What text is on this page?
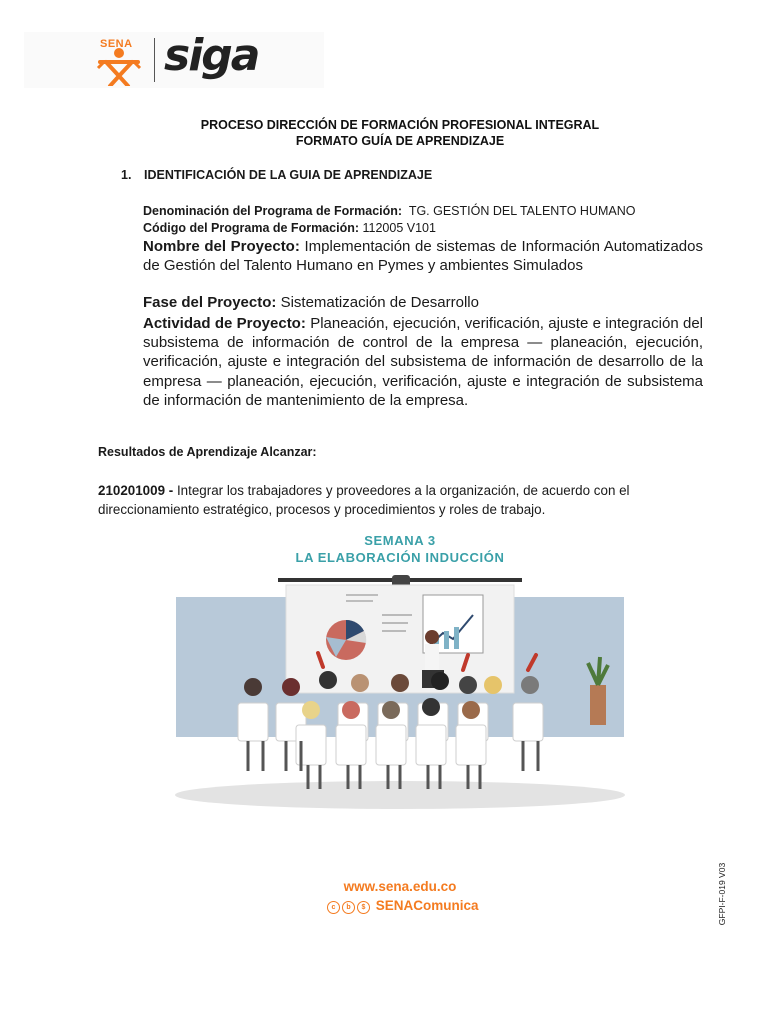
SENA siga
PROCESO DIRECCIÓN DE FORMACIÓN PROFESIONAL INTEGRAL
FORMATO GUÍA DE APRENDIZAJE
1. IDENTIFICACIÓN DE LA GUIA DE APRENDIZAJE
Denominación del Programa de Formación: TG. GESTIÓN DEL TALENTO HUMANO
Código del Programa de Formación: 112005 V101
Nombre del Proyecto: Implementación de sistemas de Información Automatizados de Gestión del Talento Humano en Pymes y ambientes Simulados
Fase del Proyecto: Sistematización de Desarrollo
Actividad de Proyecto: Planeación, ejecución, verificación, ajuste e integración del subsistema de información de control de la empresa — planeación, ejecución, verificación, ajuste e integración del subsistema de información de desarrollo de la empresa — planeación, ejecución, verificación, ajuste e integración de subsistema de información de mantenimiento de la empresa.
Resultados de Aprendizaje Alcanzar:
210201009 - Integrar los trabajadores y proveedores a la organización, de acuerdo con el direccionamiento estratégico, procesos y procedimientos y roles de trabajo.
SEMANA 3
LA ELABORACIÓN INDUCCIÓN
www.sena.edu.co
c b $ SENAComunica	GFPI-F-019 V03
